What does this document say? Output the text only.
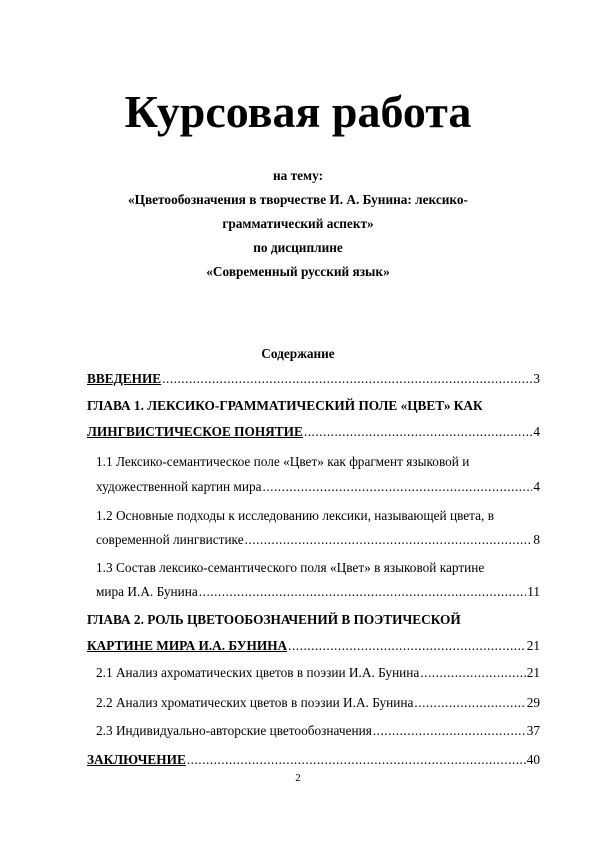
Курсовая работа
на тему:
«Цветообозначения в творчестве И. А. Бунина: лексико-
грамматический аспект»
по дисциплине
«Современный русский язык»
Содержание
ВВЕДЕНИЕ .....	3
ГЛАВА 1. ЛЕКСИКО-ГРАММАТИЧЕСКИЙ ПОЛЕ «ЦВЕТ» КАК
ЛИНГВИСТИЧЕСКОЕ ПОНЯТИЕ .....	4
1.1 Лексико-семантическое поле «Цвет» как фрагмент языковой и
художественной картин мира .....	4
1.2 Основные подходы к исследованию лексики, называющей цвета, в
современной лингвистике .....	8
1.3 Состав лексико-семантического поля «Цвет» в языковой картине
мира И.А. Бунина .....	11
ГЛАВА 2. РОЛЬ ЦВЕТООБОЗНАЧЕНИЙ В ПОЭТИЧЕСКОЙ
КАРТИНЕ МИРА И.А. БУНИНА .....	21
2.1 Анализ ахроматических цветов в поэзии И.А. Бунина .....	21
2.2 Анализ хроматических цветов в поэзии И.А. Бунина .....	29
2.3 Индивидуально-авторские цветообозначения .....	37
ЗАКЛЮЧЕНИЕ .....	40
2
